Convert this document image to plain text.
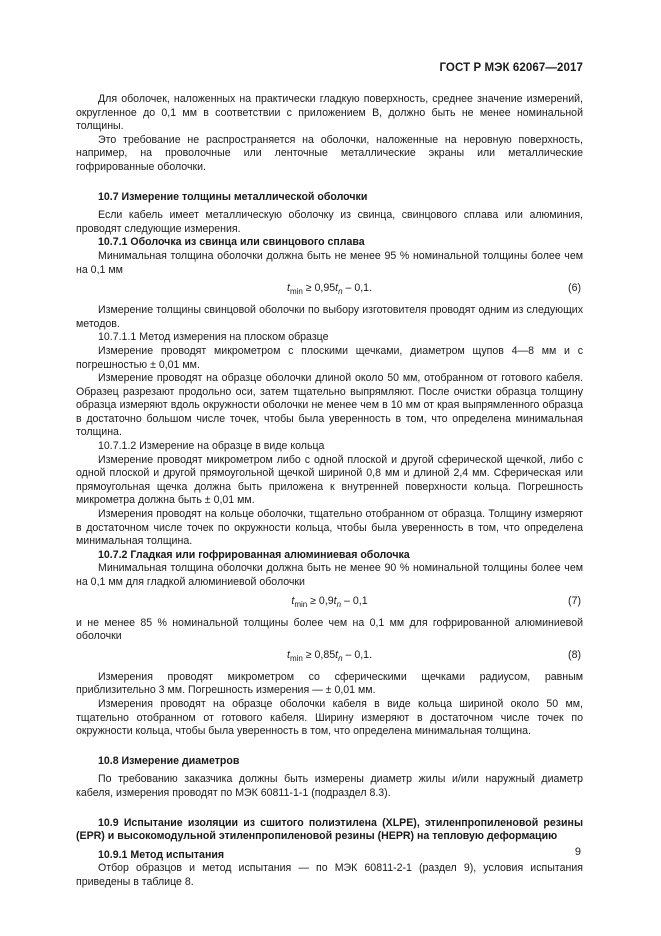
ГОСТ Р МЭК 62067—2017

Для оболочек, наложенных на практически гладкую поверхность, среднее значение измерений, округленное до 0,1 мм в соответствии с приложением В, должно быть не менее номинальной толщины.

Это требование не распространяется на оболочки, наложенные на неровную поверхность, например, на проволочные или ленточные металлические экраны или металлические гофрированные оболочки.

10.7 Измерение толщины металлической оболочки

Если кабель имеет металлическую оболочку из свинца, свинцового сплава или алюминия, проводят следующие измерения.

10.7.1 Оболочка из свинца или свинцового сплава

Минимальная толщина оболочки должна быть не менее 95 % номинальной толщины более чем на 0,1 мм

$t_{min} \ge 0,95t_n - 0,1$.	(6)

Измерение толщины свинцовой оболочки по выбору изготовителя проводят одним из следующих методов.

10.7.1.1 Метод измерения на плоском образце

Измерение проводят микрометром с плоскими щечками, диаметром щупов 4—8 мм и с погрешностью ± 0,01 мм.

Измерение проводят на образце оболочки длиной около 50 мм, отобранном от готового кабеля. Образец разрезают продольно оси, затем тщательно выпрямляют. После очистки образца толщину образца измеряют вдоль окружности оболочки не менее чем в 10 мм от края выпрямленного образца в достаточно большом числе точек, чтобы была уверенность в том, что определена минимальная толщина.

10.7.1.2 Измерение на образце в виде кольца

Измерение проводят микрометром либо с одной плоской и другой сферической щечкой, либо с одной плоской и другой прямоугольной щечкой шириной 0,8 мм и длиной 2,4 мм. Сферическая или прямоугольная щечка должна быть приложена к внутренней поверхности кольца. Погрешность микрометра должна быть ± 0,01 мм.

Измерения проводят на кольце оболочки, тщательно отобранном от образца. Толщину измеряют в достаточном числе точек по окружности кольца, чтобы была уверенность в том, что определена минимальная толщина.

10.7.2 Гладкая или гофрированная алюминиевая оболочка

Минимальная толщина оболочки должна быть не менее 90 % номинальной толщины более чем на 0,1 мм для гладкой алюминиевой оболочки

$t_{min} \ge 0,9t_n - 0,1$	(7)

и не менее 85 % номинальной толщины более чем на 0,1 мм для гофрированной алюминиевой оболочки

$t_{min} \ge 0,85t_n - 0,1$.	(8)

Измерения проводят микрометром со сферическими щечками радиусом, равным приблизительно 3 мм. Погрешность измерения — ± 0,01 мм.

Измерения проводят на образце оболочки кабеля в виде кольца шириной около 50 мм, тщательно отобранном от готового кабеля. Ширину измеряют в достаточном числе точек по окружности кольца, чтобы была уверенность в том, что определена минимальная толщина.

10.8 Измерение диаметров

По требованию заказчика должны быть измерены диаметр жилы и/или наружный диаметр кабеля, измерения проводят по МЭК 60811-1-1 (подраздел 8.3).

10.9 Испытание изоляции из сшитого полиэтилена (XLPE), этиленпропиленовой резины (EPR) и высокомодульной этиленпропиленовой резины (HEPR) на тепловую деформацию

10.9.1 Метод испытания

Отбор образцов и метод испытания — по МЭК 60811-2-1 (раздел 9), условия испытания приведены в таблице 8.

9
